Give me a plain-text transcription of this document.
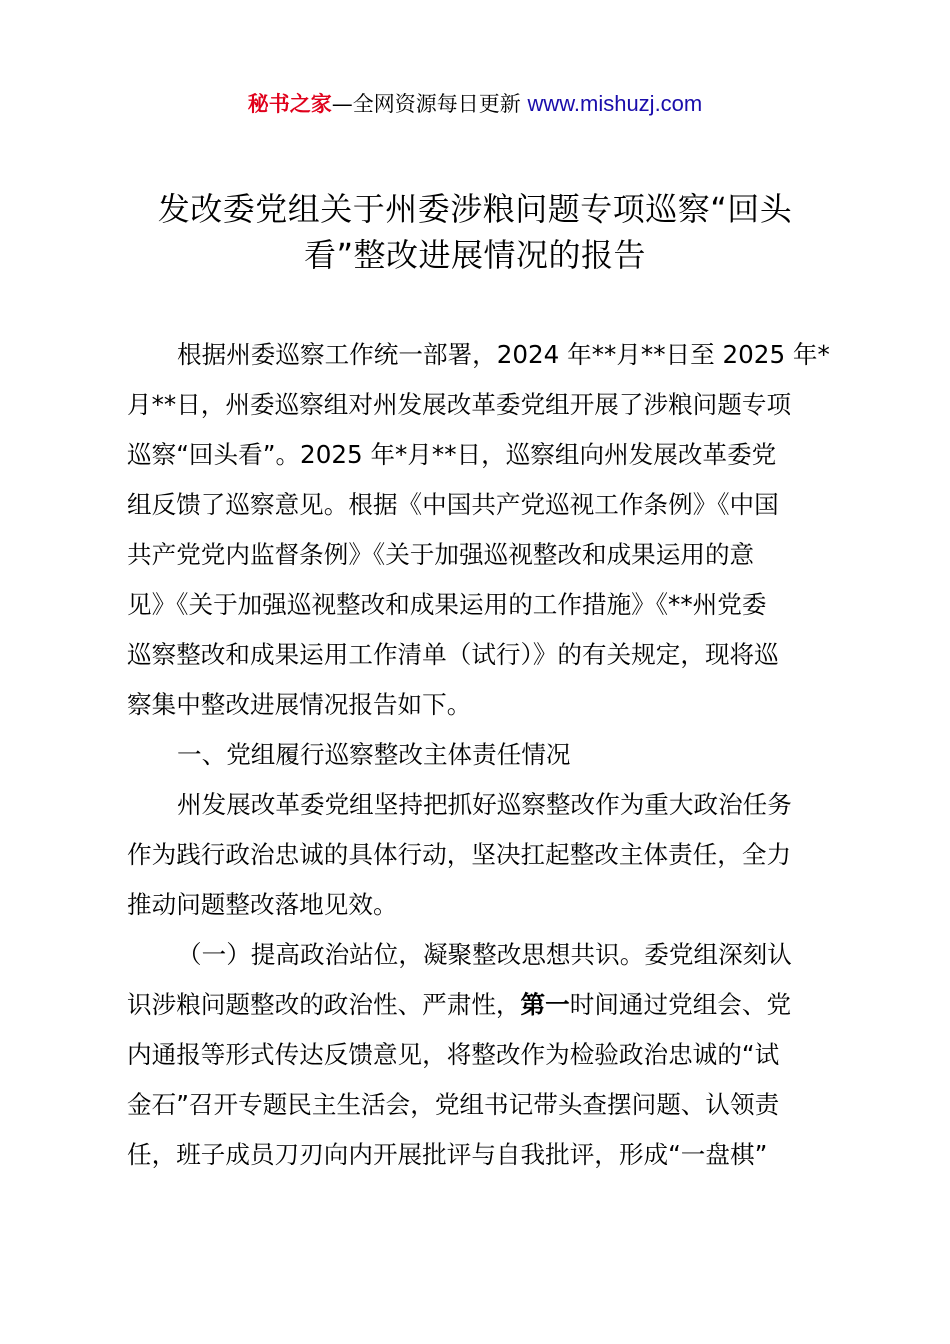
秘书之家—全网资源每日更新 www.mishuzj.com
发改委党组关于州委涉粮问题专项巡察“回头
看”整改进展情况的报告
根据州委巡察工作统一部署，2024 年**月**日至 2025 年*
月**日，州委巡察组对州发展改革委党组开展了涉粮问题专项
巡察“回头看”。2025 年*月**日，巡察组向州发展改革委党
组反馈了巡察意见。根据《中国共产党巡视工作条例》《中国
共产党党内监督条例》《关于加强巡视整改和成果运用的意
见》《关于加强巡视整改和成果运用的工作措施》《**州党委
巡察整改和成果运用工作清单（试行）》的有关规定，现将巡
察集中整改进展情况报告如下。
一、党组履行巡察整改主体责任情况
州发展改革委党组坚持把抓好巡察整改作为重大政治任务
作为践行政治忠诚的具体行动，坚决扛起整改主体责任，全力
推动问题整改落地见效。
（一）提高政治站位，凝聚整改思想共识。委党组深刻认
识涉粮问题整改的政治性、严肃性，第一时间通过党组会、党
内通报等形式传达反馈意见，将整改作为检验政治忠诚的“试
金石”召开专题民主生活会，党组书记带头查摆问题、认领责
任，班子成员刀刃向内开展批评与自我批评，形成“一盘棋”
